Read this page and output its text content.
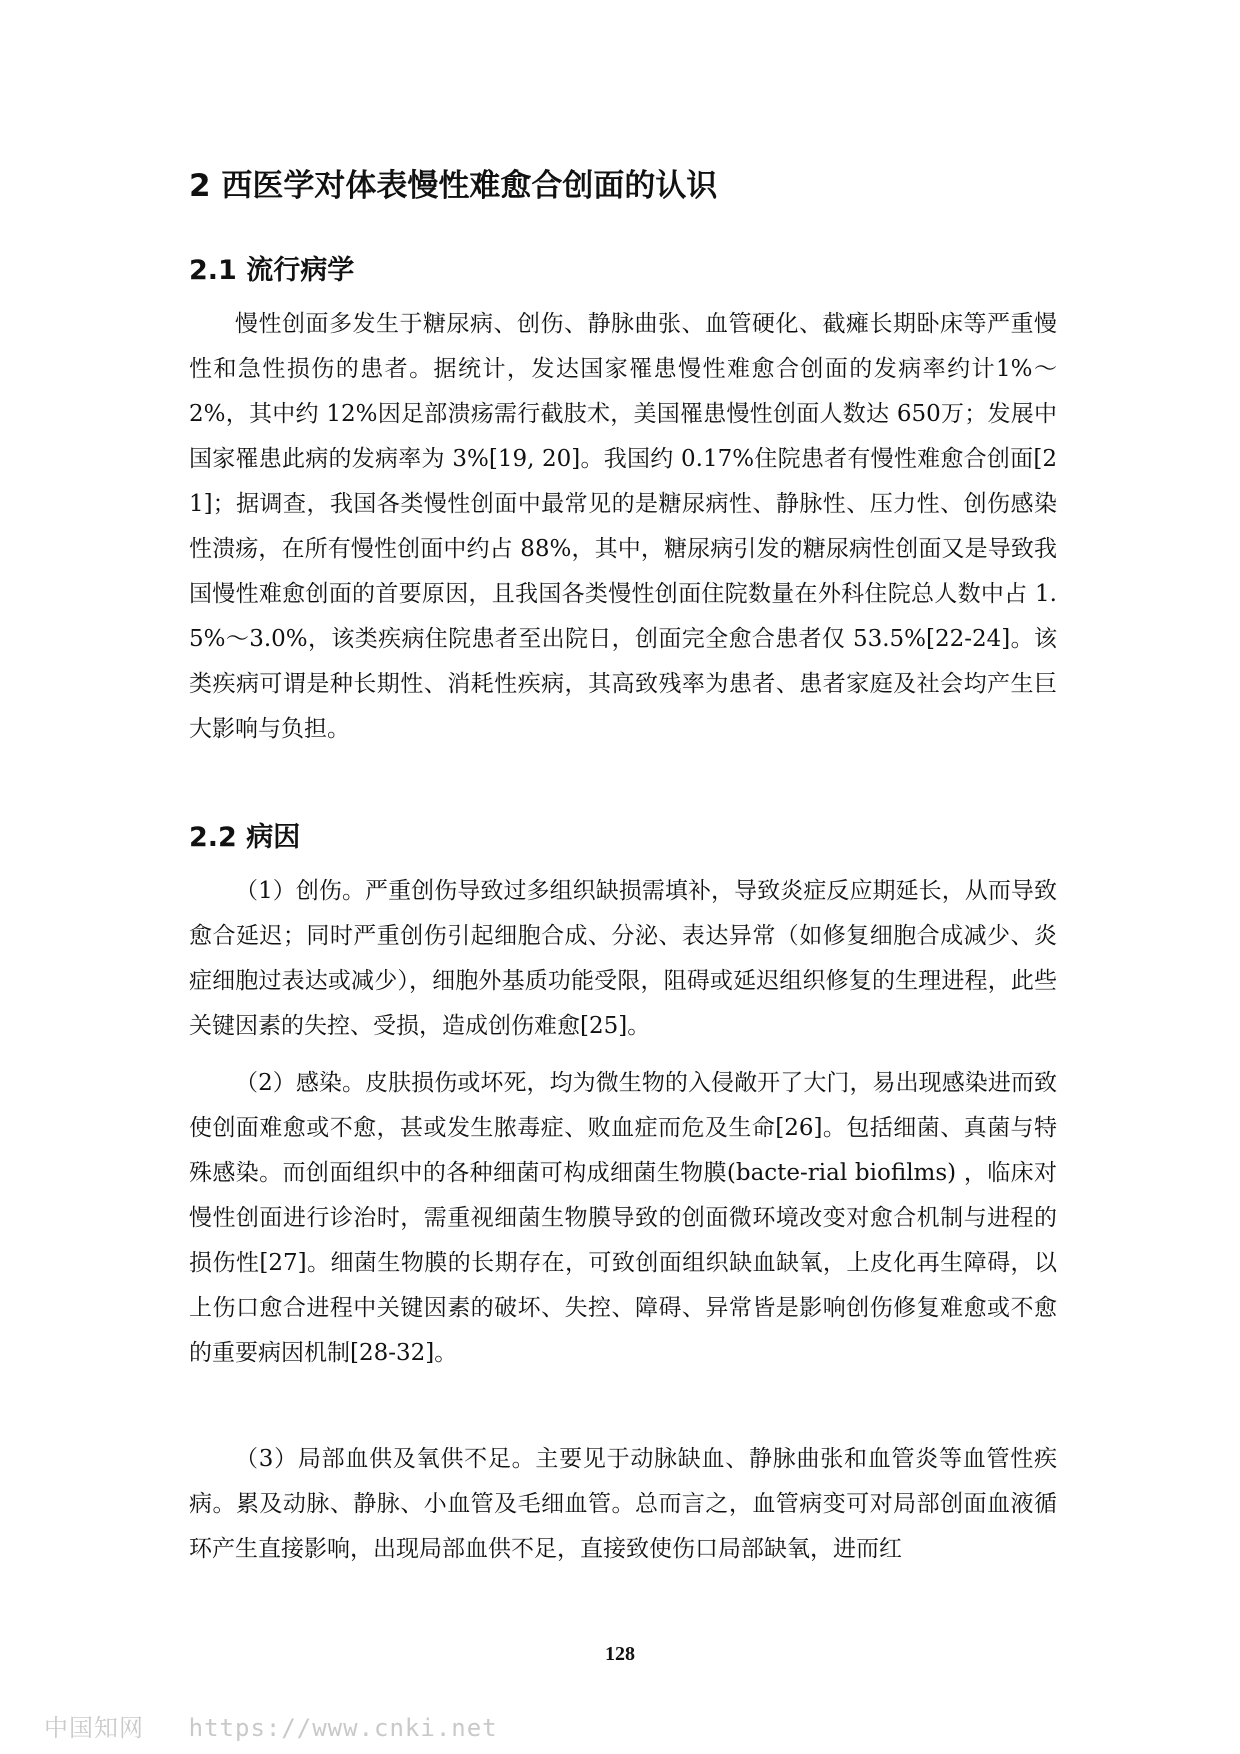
2 西医学对体表慢性难愈合创面的认识
2.1 流行病学

慢性创面多发生于糖尿病、创伤、静脉曲张、血管硬化、截瘫长期卧床等严重慢性和急性损伤的患者。据统计，发达国家罹患慢性难愈合创面的发病率约计1%～2%，其中约 12%因足部溃疡需行截肢术，美国罹患慢性创面人数达 650万；发展中国家罹患此病的发病率为 3%[19, 20]。我国约 0.17%住院患者有慢性难愈合创面[21]；据调查，我国各类慢性创面中最常见的是糖尿病性、静脉性、压力性、创伤感染性溃疡，在所有慢性创面中约占 88%，其中，糖尿病引发的糖尿病性创面又是导致我国慢性难愈创面的首要原因，且我国各类慢性创面住院数量在外科住院总人数中占 1.5%～3.0%，该类疾病住院患者至出院日，创面完全愈合患者仅 53.5%[22-24]。该类疾病可谓是种长期性、消耗性疾病，其高致残率为患者、患者家庭及社会均产生巨大影响与负担。

2.2 病因

（1）创伤。严重创伤导致过多组织缺损需填补，导致炎症反应期延长，从而导致愈合延迟；同时严重创伤引起细胞合成、分泌、表达异常（如修复细胞合成减少、炎症细胞过表达或减少），细胞外基质功能受限，阻碍或延迟组织修复的生理进程，此些关键因素的失控、受损，造成创伤难愈[25]。

（2）感染。皮肤损伤或坏死，均为微生物的入侵敞开了大门，易出现感染进而致使创面难愈或不愈，甚或发生脓毒症、败血症而危及生命[26]。包括细菌、真菌与特殊感染。而创面组织中的各种细菌可构成细菌生物膜(bacte-rial biofilms) ，临床对慢性创面进行诊治时，需重视细菌生物膜导致的创面微环境改变对愈合机制与进程的损伤性[27]。细菌生物膜的长期存在，可致创面组织缺血缺氧，上皮化再生障碍，以上伤口愈合进程中关键因素的破坏、失控、障碍、异常皆是影响创伤修复难愈或不愈的重要病因机制[28-32]。

（3）局部血供及氧供不足。主要见于动脉缺血、静脉曲张和血管炎等血管性疾病。累及动脉、静脉、小血管及毛细血管。总而言之，血管病变可对局部创面血液循环产生直接影响，出现局部血供不足，直接致使伤口局部缺氧，进而红

128
中国知网 https://www.cnki.net
